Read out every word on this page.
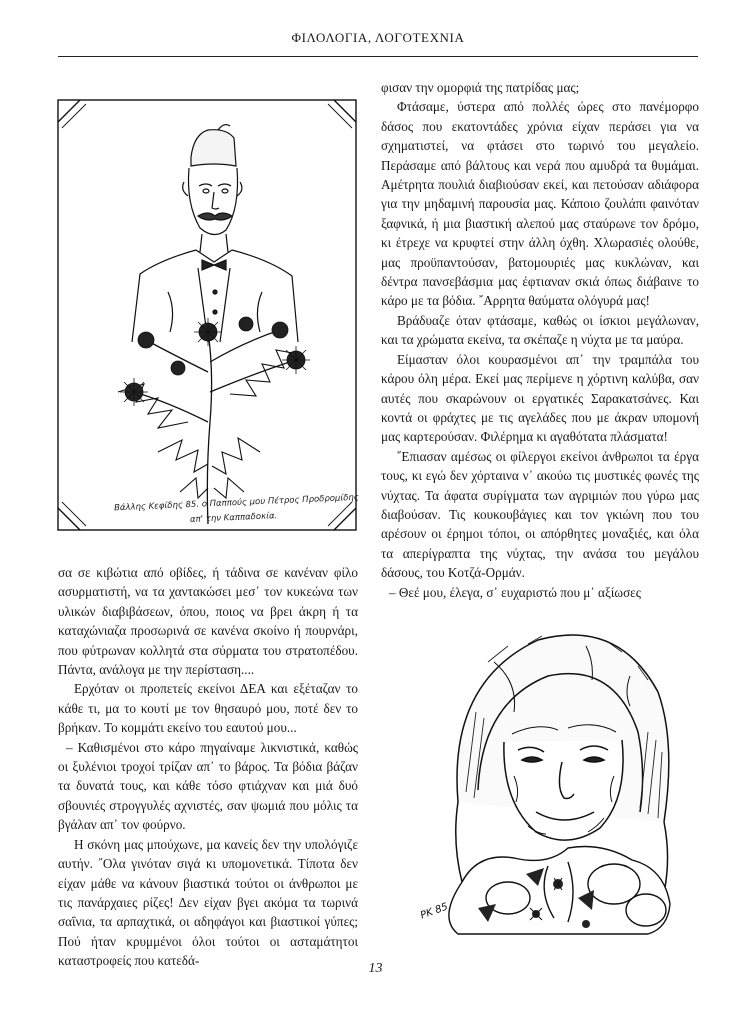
ΦΙΛΟΛΟΓΙΑ, ΛΟΓΟΤΕΧΝΙΑ
Βάλλης Κεφίδης 85. ο Παππούς μου Πέτρος Προδρομίδης
απ' την Καππαδοκία.

σα σε κιβώτια από οβίδες, ή τάδινα σε κανέναν φίλο ασυρματιστή, να τα χαντακώσει μεσ᾽ τον κυκεώνα των υλικών διαβιβάσεων, όπου, ποιος να βρει άκρη ή τα καταχώνιαζα προσωρινά σε κανένα σκοίνο ή πουρνάρι, που φύτρωναν κολλητά στα σύρματα του στρατοπέδου. Πάντα, ανάλογα με την περίσταση....

Ερχόταν οι προπετείς εκείνοι ΔΕΑ και εξέταζαν το κάθε τι, μα το κουτί με τον θησαυρό μου, ποτέ δεν το βρήκαν. Το κομμάτι εκείνο του εαυτού μου...

– Καθισμένοι στο κάρο πηγαίναμε λικνιστικά, καθώς οι ξυλένιοι τροχοί τρίζαν απ᾽ το βάρος. Τα βόδια βάζαν τα δυνατά τους, και κάθε τόσο φτιάχναν και μιά δυό σβουνιές στρογγυλές αχνιστές, σαν ψωμιά που μόλις τα βγάλαν απ᾽ τον φούρνο.

Η σκόνη μας μπούχωνε, μα κανείς δεν την υπολόγιζε αυτήν. ῎Ολα γινόταν σιγά κι υπομονετικά. Τίποτα δεν είχαν μάθε να κάνουν βιαστικά τούτοι οι άνθρωποι με τις πανάρχαιες ρίζες! Δεν είχαν βγει ακόμα τα τωρινά σαΐνια, τα αρπαχτικά, οι αδηφάγοι και βιαστικοί γύπες; Πού ήταν κρυμμένοι όλοι τούτοι οι ασταμάτητοι καταστροφείς που κατεδά-

φισαν την ομορφιά της πατρίδας μας;

Φτάσαμε, ύστερα από πολλές ώρες στο πανέμορφο δάσος που εκατοντάδες χρόνια είχαν περάσει για να σχηματιστεί, να φτάσει στο τωρινό του μεγαλείο. Περάσαμε από βάλτους και νερά που αμυδρά τα θυμάμαι. Αμέτρητα πουλιά διαβιούσαν εκεί, και πετούσαν αδιάφορα για την μηδαμινή παρουσία μας. Κάποιο ζουλάπι φαινόταν ξαφνικά, ή μια βιαστική αλεπού μας σταύρωνε τον δρόμο, κι έτρεχε να κρυφτεί στην άλλη όχθη. Χλωρασιές ολούθε, μας προϋπαντούσαν, βατομουριές μας κυκλώναν, και δέντρα πανσεβάσμια μας έφτιαναν σκιά όπως διάβαινε το κάρο με τα βόδια. ῎Αρρητα θαύματα ολόγυρά μας!

Βράδυαζε όταν φτάσαμε, καθώς οι ίσκιοι μεγάλωναν, και τα χρώματα εκείνα, τα σκέπαζε η νύχτα με τα μαύρα.

Είμασταν όλοι κουρασμένοι απ᾽ την τραμπάλα του κάρου όλη μέρα. Εκεί μας περίμενε η χόρτινη καλύβα, σαν αυτές που σκαρώνουν οι εργατικές Σαρακατσάνες. Και κοντά οι φράχτες με τις αγελάδες που με άκραν υπομονή μας καρτερούσαν. Φιλέρημα κι αγαθότατα πλάσματα!

῎Επιασαν αμέσως οι φίλεργοι εκείνοι άνθρωποι τα έργα τους, κι εγώ δεν χόρταινα ν᾽ ακούω τις μυστικές φωνές της νύχτας. Τα άφατα συρίγματα των αγριμιών που γύρω μας διαβούσαν. Τις κουκουβάγιες και τον γκιώνη που του αρέσουν οι έρημοι τόποι, οι απόρθητες μοναξιές, και όλα τα απερίγραπτα της νύχτας, την ανάσα του μεγάλου δάσους, του Κοτζά-Ορμάν.

– Θεέ μου, έλεγα, σ᾽ ευχαριστώ που μ᾽ αξίωσες

ΡΚ 85
13
